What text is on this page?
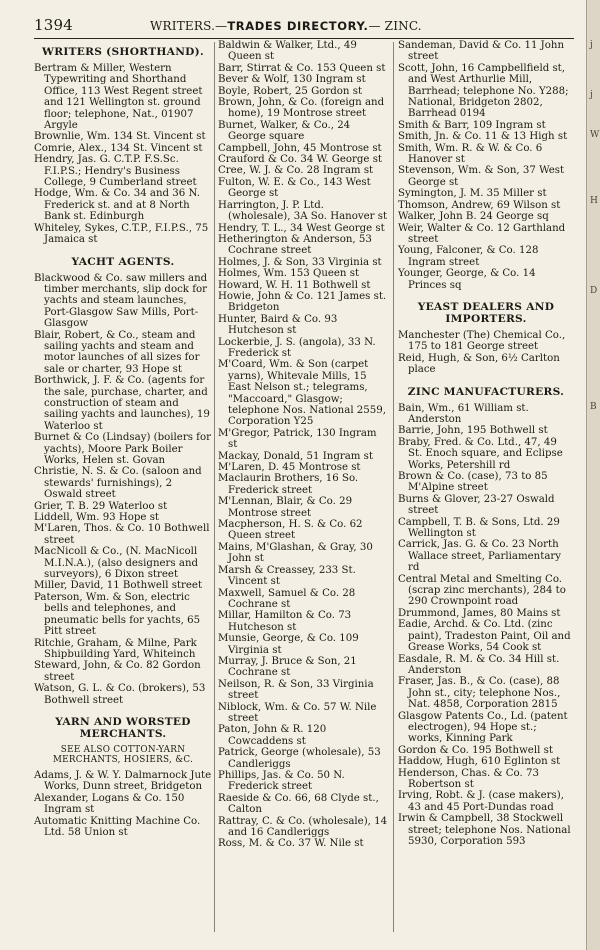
1394	WRITERS.—TRADES DIRECTORY.— ZINC.

WRITERS (SHORTHAND).

Bertram & Miller, Western Typewriting and Shorthand Office, 113 West Regent street and 121 Wellington st. ground floor; telephone, Nat., 01907 Argyle

Brownlie, Wm. 134 St. Vincent st

Comrie, Alex., 134 St. Vincent st

Hendry, Jas. G. C.T.P. F.S.Sc. F.I.P.S.; Hendry's Business College, 9 Cumberland street

Hodge, Wm. & Co. 34 and 36 N. Frederick st. and at 8 North Bank st. Edinburgh

Whiteley, Sykes, C.T.P., F.I.P.S., 75 Jamaica st

YACHT AGENTS.

Blackwood & Co. saw millers and timber merchants, slip dock for yachts and steam launches, Port-Glasgow Saw Mills, Port-Glasgow

Blair, Robert, & Co., steam and sailing yachts and steam and motor launches of all sizes for sale or charter, 93 Hope st

Borthwick, J. F. & Co. (agents for the sale, purchase, charter, and construction of steam and sailing yachts and launches), 19 Waterloo st

Burnet & Co (Lindsay) (boilers for yachts), Moore Park Boiler Works, Helen st. Govan

Christie, N. S. & Co. (saloon and stewards' furnishings), 2 Oswald street

Grier, T. B. 29 Waterloo st

Liddell, Wm. 93 Hope st

M'Laren, Thos. & Co. 10 Bothwell street

MacNicoll & Co., (N. MacNicoll M.I.N.A.), (also designers and surveyors), 6 Dixon street

Miller, David, 11 Bothwell street

Paterson, Wm. & Son, electric bells and telephones, and pneumatic bells for yachts, 65 Pitt street

Ritchie, Graham, & Milne, Park Shipbuilding Yard, Whiteinch

Steward, John, & Co. 82 Gordon street

Watson, G. L. & Co. (brokers), 53 Bothwell street

YARN AND WORSTED MERCHANTS.

SEE ALSO COTTON-YARN MERCHANTS, HOSIERS, &C.

Adams, J. & W. Y. Dalmarnock Jute Works, Dunn street, Bridgeton

Alexander, Logans & Co. 150 Ingram st

Automatic Knitting Machine Co. Ltd. 58 Union st

Baldwin & Walker, Ltd., 49 Queen st

Barr, Stirrat & Co. 153 Queen st

Bever & Wolf, 130 Ingram st

Boyle, Robert, 25 Gordon st

Brown, John, & Co. (foreign and home), 19 Montrose street

Burnet, Walker, & Co., 24 George square

Campbell, John, 45 Montrose st

Crauford & Co. 34 W. George st

Cree, W. J. & Co. 28 Ingram st

Fulton, W. E. & Co., 143 West George st

Harrington, J. P. Ltd. (wholesale), 3A So. Hanover st

Hendry, T. L., 34 West George st

Hetherington & Anderson, 53 Cochrane street

Holmes, J. & Son, 33 Virginia st

Holmes, Wm. 153 Queen st

Howard, W. H. 11 Bothwell st

Howie, John & Co. 121 James st. Bridgeton

Hunter, Baird & Co. 93 Hutcheson st

Lockerbie, J. S. (angola), 33 N. Frederick st

M'Coard, Wm. & Son (carpet yarns), Whitevale Mills, 15 East Nelson st.; telegrams, "Maccoard," Glasgow; telephone Nos. National 2559, Corporation Y25

M'Gregor, Patrick, 130 Ingram st

Mackay, Donald, 51 Ingram st

M'Laren, D. 45 Montrose st

Maclaurin Brothers, 16 So. Frederick street

M'Lennan, Blair, & Co. 29 Montrose street

Macpherson, H. S. & Co. 62 Queen street

Mains, M'Glashan, & Gray, 30 John st

Marsh & Creassey, 233 St. Vincent st

Maxwell, Samuel & Co. 28 Cochrane st

Millar, Hamilton & Co. 73 Hutcheson st

Munsie, George, & Co. 109 Virginia st

Murray, J. Bruce & Son, 21 Cochrane st

Neilson, R. & Son, 33 Virginia street

Niblock, Wm. & Co. 57 W. Nile street

Paton, John & R. 120 Cowcaddens st

Patrick, George (wholesale), 53 Candleriggs

Phillips, Jas. & Co. 50 N. Frederick street

Raeside & Co. 66, 68 Clyde st., Calton

Rattray, C. & Co. (wholesale), 14 and 16 Candleriggs

Ross, M. & Co. 37 W. Nile st

Sandeman, David & Co. 11 John street

Scott, John, 16 Campbellfield st, and West Arthurlie Mill, Barrhead; telephone No. Y288; National, Bridgeton 2802, Barrhead 0194

Smith & Barr, 109 Ingram st

Smith, Jn. & Co. 11 & 13 High st

Smith, Wm. R. & W. & Co. 6 Hanover st

Stevenson, Wm. & Son, 37 West George st

Symington, J. M. 35 Miller st

Thomson, Andrew, 69 Wilson st

Walker, John B. 24 George sq

Weir, Walter & Co. 12 Garthland street

Young, Falconer, & Co. 128 Ingram street

Younger, George, & Co. 14 Princes sq

YEAST DEALERS AND IMPORTERS.

Manchester (The) Chemical Co., 175 to 181 George street

Reid, Hugh, & Son, 6½ Carlton place

ZINC MANUFACTURERS.

Bain, Wm., 61 William st. Anderston

Barrie, John, 195 Bothwell st

Braby, Fred. & Co. Ltd., 47, 49 St. Enoch square, and Eclipse Works, Petershill rd

Brown & Co. (case), 73 to 85 M'Alpine street

Burns & Glover, 23-27 Oswald street

Campbell, T. B. & Sons, Ltd. 29 Wellington st

Carrick, Jas. G. & Co. 23 North Wallace street, Parliamentary rd

Central Metal and Smelting Co. (scrap zinc merchants), 284 to 290 Crownpoint road

Drummond, James, 80 Mains st

Eadie, Archd. & Co. Ltd. (zinc paint), Tradeston Paint, Oil and Grease Works, 54 Cook st

Easdale, R. M. & Co. 34 Hill st. Anderston

Fraser, Jas. B., & Co. (case), 88 John st., city; telephone Nos., Nat. 4858, Corporation 2815

Glasgow Patents Co., Ld. (patent electrogen), 94 Hope st.; works, Kinning Park

Gordon & Co. 195 Bothwell st

Haddow, Hugh, 610 Eglinton st

Henderson, Chas. & Co. 73 Robertson st

Irving, Robt. & J. (case makers), 43 and 45 Port-Dundas road

Irwin & Campbell, 38 Stockwell street; telephone Nos. National 5930, Corporation 593

j
j
W
H
D
B
